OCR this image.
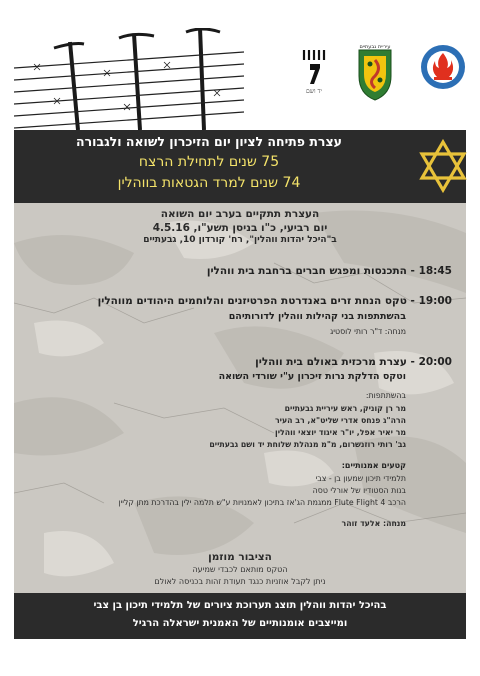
יד ושם
עיריית גבעתיים
עצרת פתיחה לציון יום הזיכרון לשואה ולגבורה
75 שנים לתחילת הרצח
74 שנים למרד הגטאות בווהלין
העצרת תתקיים בערב יום השואה
יום רביעי, כ"ו בניסן תשע"ו, 4.5.16
ב"היכל יהדות ווהלין", רח' קורדון 10, גבעתיים
18:45 - התכנסות ומפגש חברים ברחבת בית ווהלין
19:00 - טקס הנחת זרים באנדרטת הפרטיזנים והלוחמים היהודים מווהלין
בהשתתפות בני קהילות ווהלין לדורותיהם
מנחה: ד"ר רותי לוסטיג
20:00 - עצרת מרכזית באולם בית ווהלין
וטקס הדלקת נרות זיכרון ע"י שורדי השואה
בהשתתפות:
מר רן קוניק, ראש עיריית גבעתיים
הרה"ג פנחס אדרי שליט"א, רב העיר
מר יאיר אפל, יו"ר איגוד יוצאי ווהלין
גב' רותי רוזנשרום, מ"מ מנהלת שלוחת יד ושם גבעתיים
קטעים אמנותיים:
תלמידי תיכון שמעון בן - צבי
בנות הסטודיו של אורלי טסה
הרכב Flute Flight 4 ממגמת הג'אז בתיכון לאמנויות ע"ש תלמה ילין בהדרכת מתן קליין
מנחה: אלעד זוהר
הציבור מוזמן
הטקס מותאם לכבדי שמיעה
ניתן לקבל אוזניות כנגד תעודת זהות בכניסה לאולם
בהיכל יהדות ווהלין תוצג תערוכת ציורים של תלמידי תיכון בן צבי
ומייצבים אומנותיים של האמנית ישראלה הרגיל
